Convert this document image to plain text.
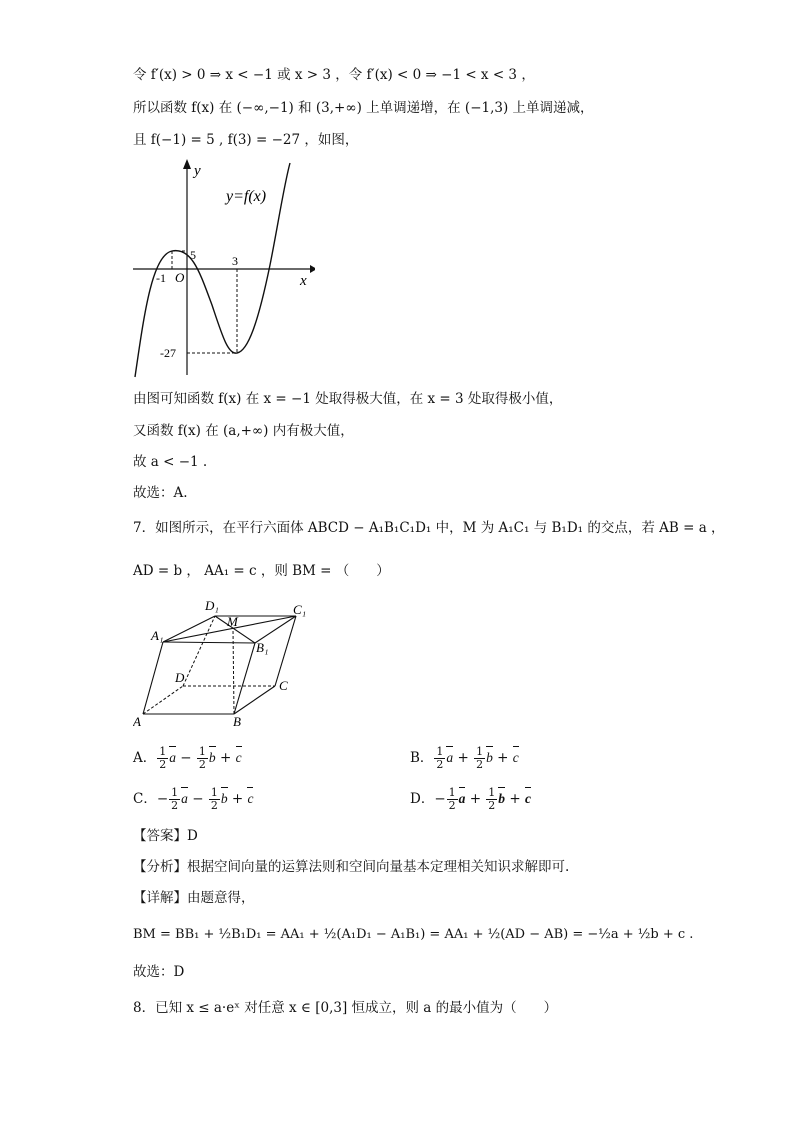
令 f′(x) > 0 ⇒ x < −1 或 x > 3 ，令 f′(x) < 0 ⇒ −1 < x < 3 ，
所以函数 f(x) 在 (−∞,−1) 和 (3,+∞) 上单调递增，在 (−1,3) 上单调递减，
且 f(−1) = 5 , f(3) = −27 ，如图，
y
x
y=f(x)
O
-1
3
5
-27
由图可知函数 f(x) 在 x = −1 处取得极大值，在 x = 3 处取得极小值，
又函数 f(x) 在 (a,+∞) 内有极大值，
故 a < −1 .
故选：A.
7．如图所示，在平行六面体 ABCD − A₁B₁C₁D₁ 中，M 为 A₁C₁ 与 B₁D₁ 的交点，若 AB = a ，
AD = b ， AA₁ = c ，则 BM = （　　）
A	B
C
D
A₁
B₁
C₁
D₁
M
A． $\frac{1}{2}$ $a - \frac{1}{2}$ b + c	B． $\frac{1}{2}$ $a + \frac{1}{2}$ b + c
C．− $\frac{1}{2}$ $a - \frac{1}{2}$ b + c	D．− $\frac{1}{2}$ $a + \frac{1}{2}$ b + c
【答案】D
【分析】根据空间向量的运算法则和空间向量基本定理相关知识求解即可.
【详解】由题意得，
BM = BB₁ + ½B₁D₁ = AA₁ + ½(A₁D₁ − A₁B₁) = AA₁ + ½(AD − AB) = −½a + ½b + c .
故选：D
8．已知 x ≤ a·eˣ 对任意 x ∈ [0,3] 恒成立，则 a 的最小值为（　　）
